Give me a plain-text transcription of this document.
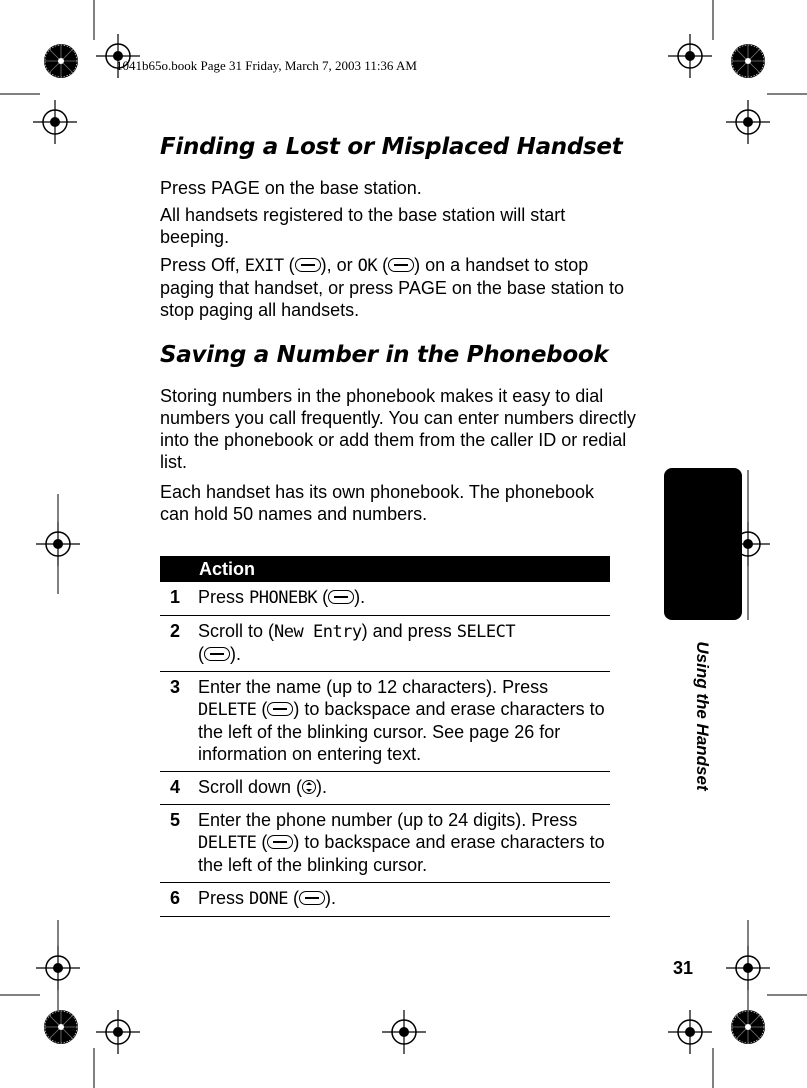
1041b65o.book Page 31 Friday, March 7, 2003 11:36 AM
Finding a Lost or Misplaced Handset
Press PAGE on the base station.
All handsets registered to the base station will start beeping.
Press Off, EXIT ( ), or OK ( ) on a handset to stop paging that handset, or press PAGE on the base station to stop paging all handsets.
Saving a Number in the Phonebook
Storing numbers in the phonebook makes it easy to dial numbers you call frequently. You can enter numbers directly into the phonebook or add them from the caller ID or redial list.
Each handset has its own phonebook. The phonebook can hold 50 names and numbers.
Action	
1	Press PHONEBK ( ).
2	Scroll to (New Entry) and press SELECT
( ).
3	Enter the name (up to 12 characters). Press DELETE ( ) to backspace and erase characters to the left of the blinking cursor. See page 26 for information on entering text.
4	Scroll down ( ).
5	Enter the phone number (up to 24 digits). Press DELETE ( ) to backspace and erase characters to the left of the blinking cursor.
6	Press DONE ( ).
Using the Handset
31
